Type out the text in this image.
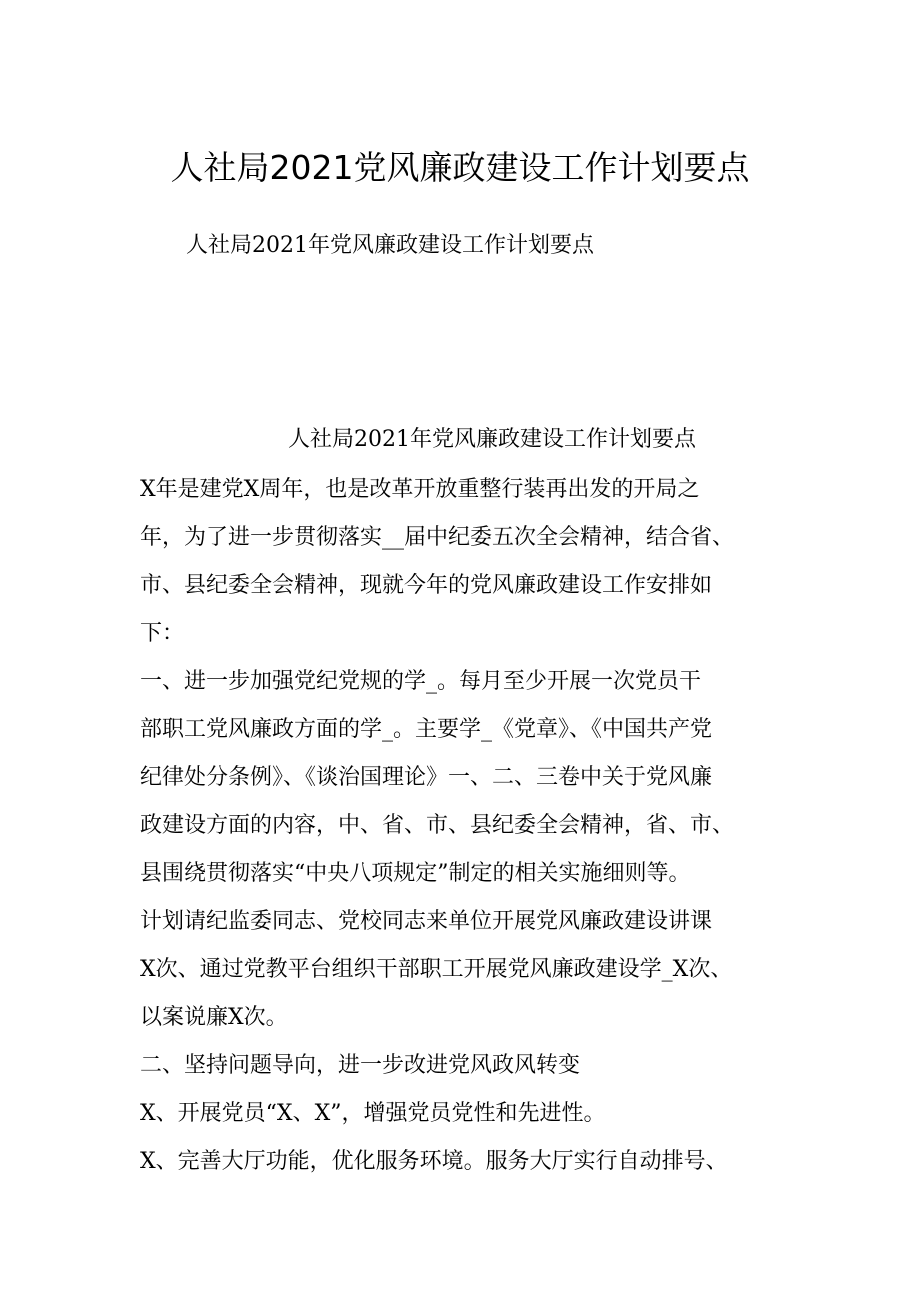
人社局2021党风廉政建设工作计划要点
人社局2021年党风廉政建设工作计划要点
人社局2021年党风廉政建设工作计划要点
X年是建党X周年，也是改革开放重整行装再出发的开局之
年，为了进一步贯彻落实__届中纪委五次全会精神，结合省、
市、县纪委全会精神，现就今年的党风廉政建设工作安排如
下：
一、进一步加强党纪党规的学_。每月至少开展一次党员干
部职工党风廉政方面的学_。主要学_《党章》、《中国共产党
纪律处分条例》、《谈治国理论》一、二、三卷中关于党风廉
政建设方面的内容，中、省、市、县纪委全会精神，省、市、
县围绕贯彻落实“中央八项规定”制定的相关实施细则等。
计划请纪监委同志、党校同志来单位开展党风廉政建设讲课
X次、通过党教平台组织干部职工开展党风廉政建设学_X次、
以案说廉X次。
二、坚持问题导向，进一步改进党风政风转变
X、开展党员“X、X”，增强党员党性和先进性。
X、完善大厅功能，优化服务环境。服务大厅实行自动排号、
